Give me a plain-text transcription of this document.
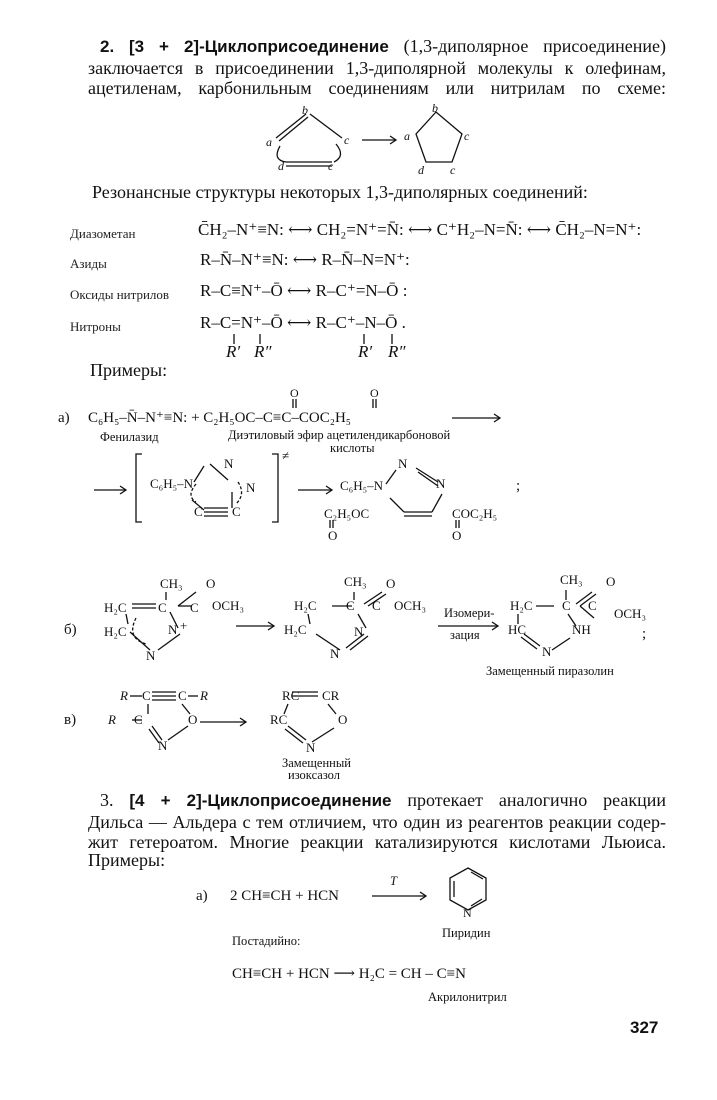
2. [3 + 2]-Циклоприсоединение (1,3-диполярное присоединение)
заключается в присоединении 1,3-диполярной молекулы к олефинам,
ацетиленам, карбонильным соединениям или нитрилам по схеме:
b
a	c
d	c
b
a	c
d c
Резонансные структуры некоторых 1,3-диполярных соединений:
Диазометан	C̄H₂–N⁺≡N: ⟷ CH₂=N⁺=N̄: ⟷ C⁺H₂–N=N̄: ⟷ C̄H₂–N=N⁺:
Азиды	R–N̄–N⁺≡N: ⟷ R–N̄–N=N⁺:
Оксиды нитрилов R–C≡N⁺–Ō ⟷ R–C⁺=N–Ō :
Нитроны	R–C=N⁺–Ō ⟷ R–C⁺–N–Ō .
R′ R″	R′ R″
Примеры:
а)
O	O
C₆H₅–N̄–N⁺≡N: + C₂H₅OC–C≡C–COC₂H₅
Фенилазид	Диэтиловый эфир ацетилендикарбоновой
кислоты
C₆H₅–N
N
N
C C
≠
N
N
C₆H₅–N
C₂H₅OC	COC₂H₅
O	O
;
б)
CH₃ O
H₂C C C OCH₃
H₂C	N +
N
CH₃ O
H₂C C C OCH₃
H₂C	N
N
Изомери-
зация
CH₃ O
H₂C C C
OCH₃
HC	NH
N
;
Замещенный пиразолин
в)
R C C R
R C	O
N
RC CR
RC	O
N
Замещенный
изоксазол
3. [4 + 2]-Циклоприсоединение протекает аналогично реакции
Дильса — Альдера с тем отличием, что один из реагентов реакции содер-
жит гетероатом. Многие реакции катализируются кислотами Льюиса.
Примеры:
а) 2 CH≡CH + HCN
T
N
Пиридин
Постадийно:
CH≡CH + HCN ⟶ H₂C = CH – C≡N
Акрилонитрил
327
